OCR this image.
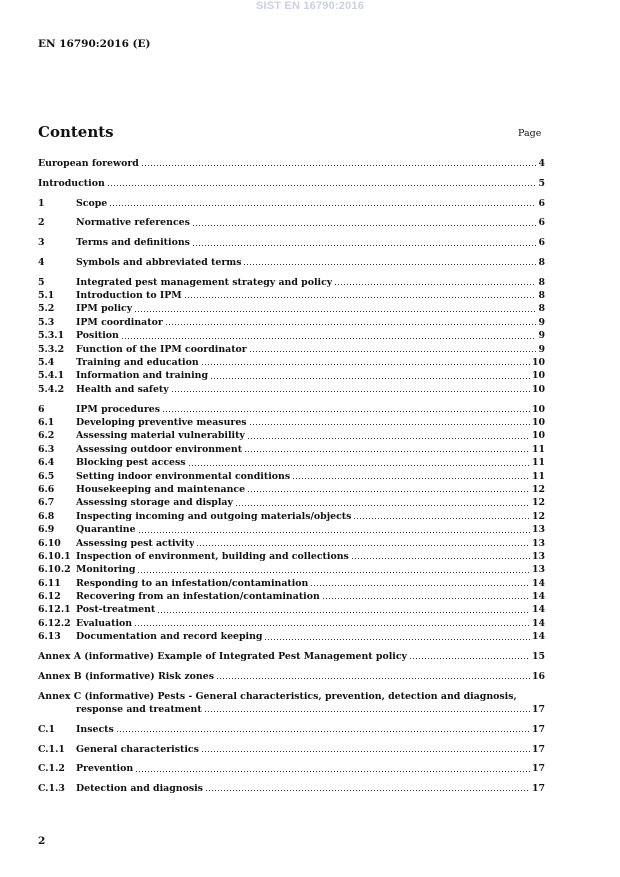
SIST EN 16790:2016
EN 16790:2016 (E)
Contents	Page
European foreword	4
Introduction	5
1	Scope	6
2	Normative references	6
3	Terms and definitions	6
4	Symbols and abbreviated terms	8
5	Integrated pest management strategy and policy	8
5.1	Introduction to IPM	8
5.2	IPM policy	8
5.3	IPM coordinator	9
5.3.1	Position	9
5.3.2	Function of the IPM coordinator	9
5.4	Training and education	10
5.4.1	Information and training	10
5.4.2	Health and safety	10
6	IPM procedures	10
6.1	Developing preventive measures	10
6.2	Assessing material vulnerability	10
6.3	Assessing outdoor environment	11
6.4	Blocking pest access	11
6.5	Setting indoor environmental conditions	11
6.6	Housekeeping and maintenance	12
6.7	Assessing storage and display	12
6.8	Inspecting incoming and outgoing materials/objects	12
6.9	Quarantine	13
6.10	Assessing pest activity	13
6.10.1 Inspection of environment, building and collections	13
6.10.2 Monitoring	13
6.11	Responding to an infestation/contamination	14
6.12	Recovering from an infestation/contamination	14
6.12.1 Post-treatment	14
6.12.2 Evaluation	14
6.13	Documentation and record keeping	14
Annex A (informative) Example of Integrated Pest Management policy	15
Annex B (informative) Risk zones	16
Annex C (informative) Pests - General characteristics, prevention, detection and diagnosis,
response and treatment	17
C.1	Insects	17
C.1.1	General characteristics	17
C.1.2	Prevention	17
C.1.3	Detection and diagnosis	17
2
